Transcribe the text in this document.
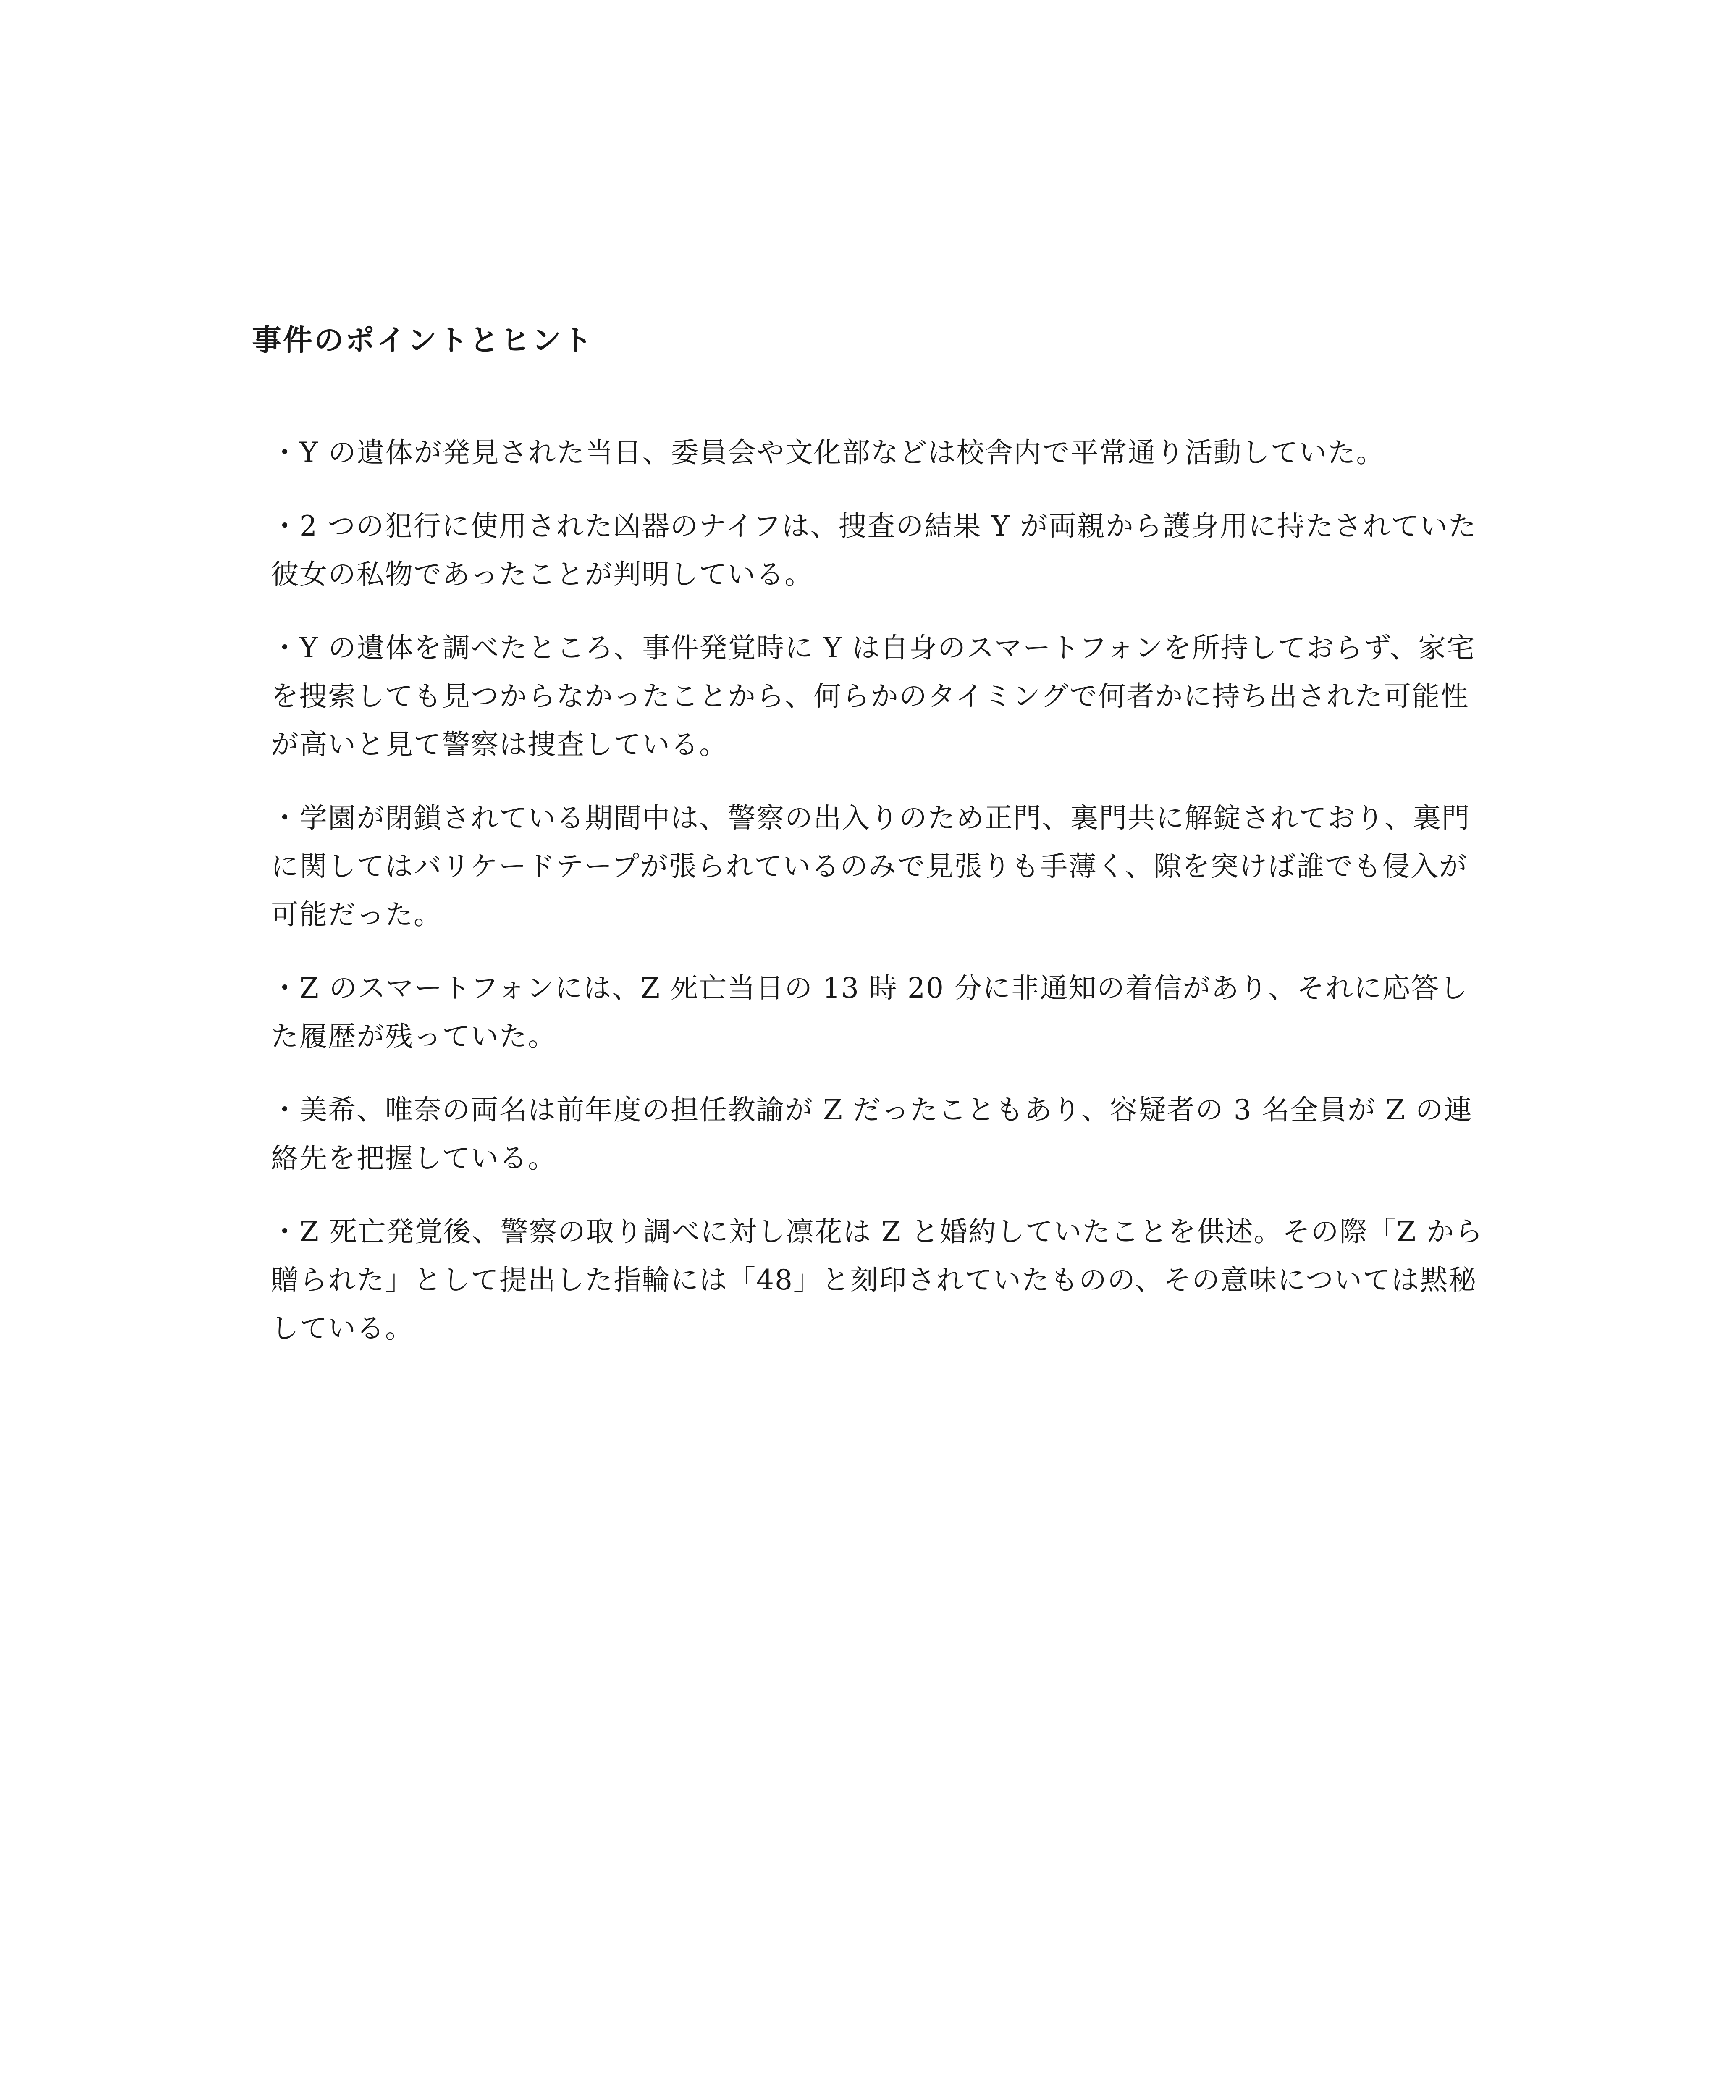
事件のポイントとヒント
・Y の遺体が発見された当日、委員会や文化部などは校舎内で平常通り活動していた。
・2 つの犯行に使用された凶器のナイフは、捜査の結果 Y が両親から護身用に持たされていた彼女の私物であったことが判明している。
・Y の遺体を調べたところ、事件発覚時に Y は自身のスマートフォンを所持しておらず、家宅を捜索しても見つからなかったことから、何らかのタイミングで何者かに持ち出された可能性が高いと見て警察は捜査している。
・学園が閉鎖されている期間中は、警察の出入りのため正門、裏門共に解錠されており、裏門に関してはバリケードテープが張られているのみで見張りも手薄く、隙を突けば誰でも侵入が可能だった。
・Z のスマートフォンには、Z 死亡当日の 13 時 20 分に非通知の着信があり、それに応答した履歴が残っていた。
・美希、唯奈の両名は前年度の担任教諭が Z だったこともあり、容疑者の 3 名全員が Z の連絡先を把握している。
・Z 死亡発覚後、警察の取り調べに対し凛花は Z と婚約していたことを供述。その際「Z から贈られた」として提出した指輪には「48」と刻印されていたものの、その意味については黙秘している。
